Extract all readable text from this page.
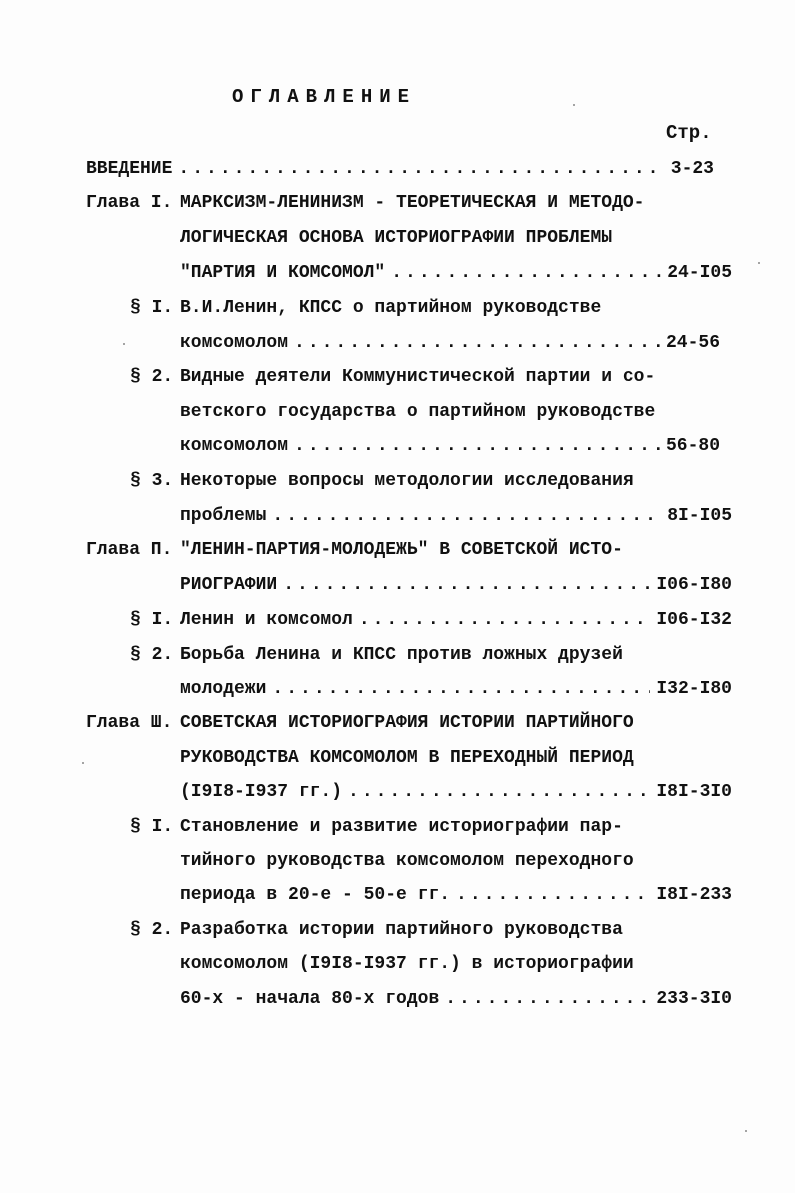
ОГЛАВЛЕНИЕ
Стр.
ВВЕДЕНИЕ .....	3-23
Глава I. МАРКСИЗМ-ЛЕНИНИЗМ - ТЕОРЕТИЧЕСКАЯ И МЕТОДО-
ЛОГИЧЕСКАЯ ОСНОВА ИСТОРИОГРАФИИ ПРОБЛЕМЫ
"ПАРТИЯ И КОМСОМОЛ" .....	24-I05
§ I. В.И.Ленин, КПСС о партийном руководстве
комсомолом .....	24-56
§ 2. Видные деятели Коммунистической партии и со-
ветского государства о партийном руководстве
комсомолом .....	56-80
§ 3. Некоторые вопросы методологии исследования
проблемы .....	8I-I05
Глава П. "ЛЕНИН-ПАРТИЯ-МОЛОДЕЖЬ" В СОВЕТСКОЙ ИСТО-
РИОГРАФИИ .....	I06-I80
§ I. Ленин и комсомол .....	I06-I32
§ 2. Борьба Ленина и КПСС против ложных друзей
молодежи .....	I32-I80
Глава Ш. СОВЕТСКАЯ ИСТОРИОГРАФИЯ ИСТОРИИ ПАРТИЙНОГО
РУКОВОДСТВА КОМСОМОЛОМ В ПЕРЕХОДНЫЙ ПЕРИОД
(I9I8-I937 гг.) .....	I8I-3I0
§ I. Становление и развитие историографии пар-
тийного руководства комсомолом переходного
периода в 20-е - 50-е гг. .....	I8I-233
§ 2. Разработка истории партийного руководства
комсомолом (I9I8-I937 гг.) в историографии
60-х - начала 80-х годов .....	233-3I0
